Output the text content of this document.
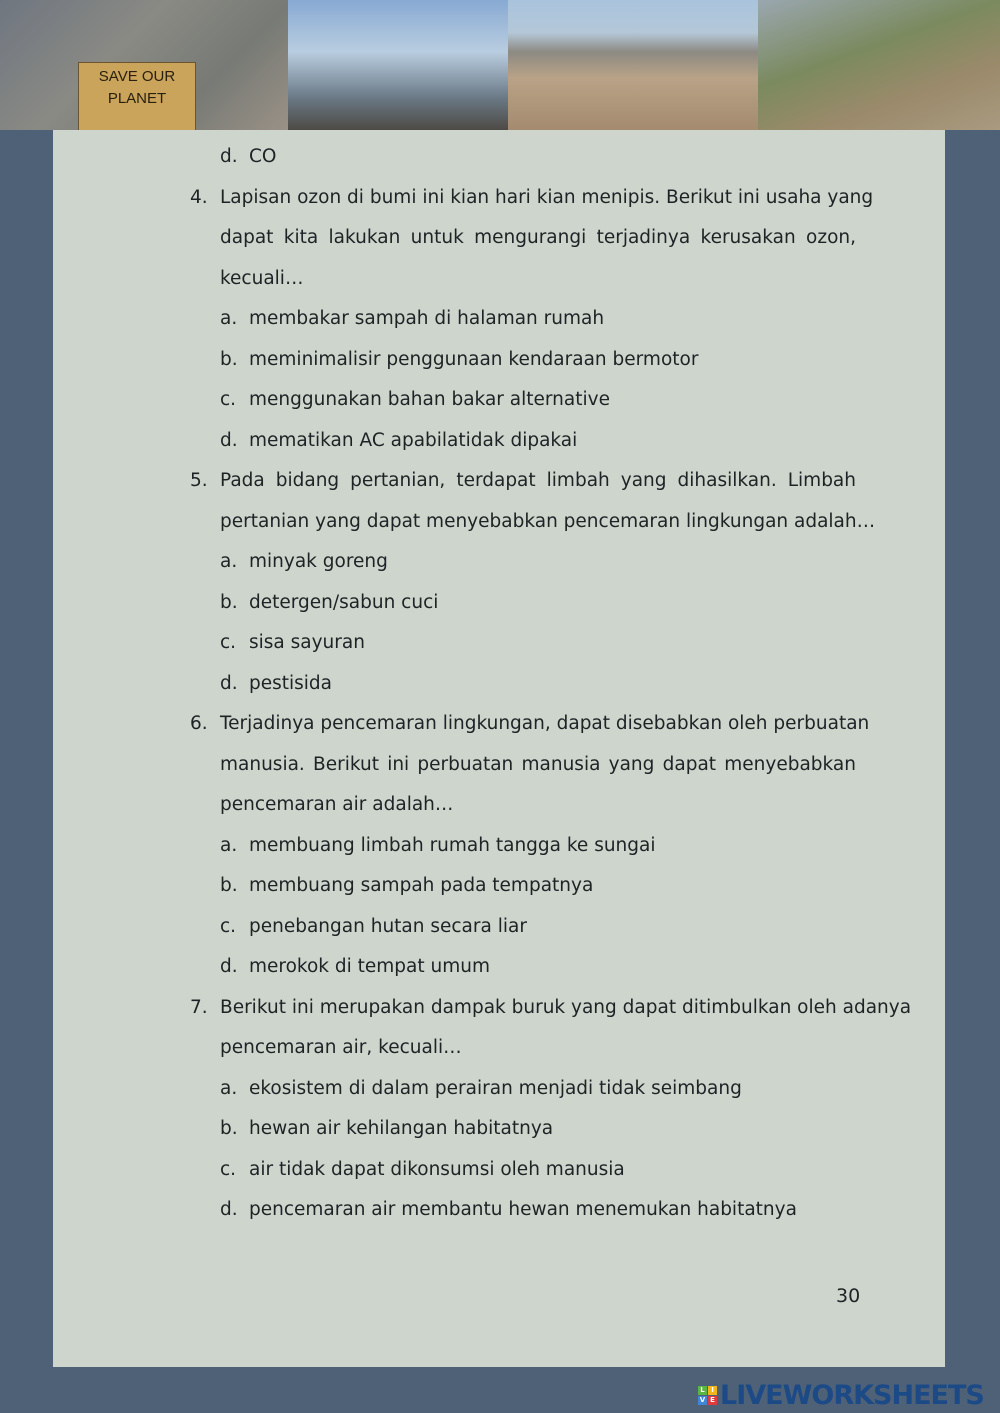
SAVE OUR PLANET
d. CO
4. Lapisan ozon di bumi ini kian hari kian menipis. Berikut ini usaha yang
dapat kita lakukan untuk mengurangi terjadinya kerusakan ozon,
kecuali…
a. membakar sampah di halaman rumah
b. meminimalisir penggunaan kendaraan bermotor
c. menggunakan bahan bakar alternative
d. mematikan AC apabilatidak dipakai
5. Pada bidang pertanian, terdapat limbah yang dihasilkan. Limbah
pertanian yang dapat menyebabkan pencemaran lingkungan adalah…
a. minyak goreng
b. detergen/sabun cuci
c. sisa sayuran
d. pestisida
6. Terjadinya pencemaran lingkungan, dapat disebabkan oleh perbuatan
manusia. Berikut ini perbuatan manusia yang dapat menyebabkan
pencemaran air adalah…
a. membuang limbah rumah tangga ke sungai
b. membuang sampah pada tempatnya
c. penebangan hutan secara liar
d. merokok di tempat umum
7. Berikut ini merupakan dampak buruk yang dapat ditimbulkan oleh adanya
pencemaran air, kecuali…
a. ekosistem di dalam perairan menjadi tidak seimbang
b. hewan air kehilangan habitatnya
c. air tidak dapat dikonsumsi oleh manusia
d. pencemaran air membantu hewan menemukan habitatnya
30
L I
V E LIVEWORKSHEETS
